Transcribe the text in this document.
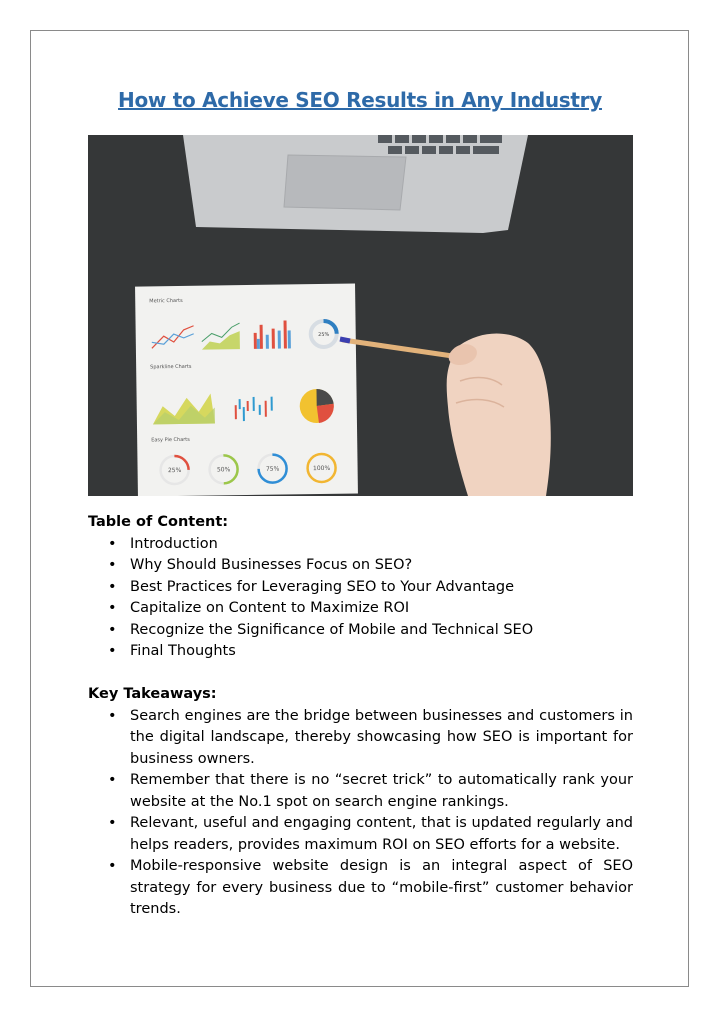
How to Achieve SEO Results in Any Industry
Metric Charts
25%
Sparkline Charts
Easy Pie Charts
25%	50%	75%	100%

Table of Content:

• Introduction
• Why Should Businesses Focus on SEO?
• Best Practices for Leveraging SEO to Your Advantage
• Capitalize on Content to Maximize ROI
• Recognize the Significance of Mobile and Technical SEO
• Final Thoughts

Key Takeaways:

• Search engines are the bridge between businesses and customers in the digital landscape, thereby showcasing how SEO is important for business owners.
• Remember that there is no “secret trick” to automatically rank your website at the No.1 spot on search engine rankings.
• Relevant, useful and engaging content, that is updated regularly and helps readers, provides maximum ROI on SEO efforts for a website.
• Mobile-responsive website design is an integral aspect of SEO strategy for every business due to “mobile-first” customer behavior trends.
